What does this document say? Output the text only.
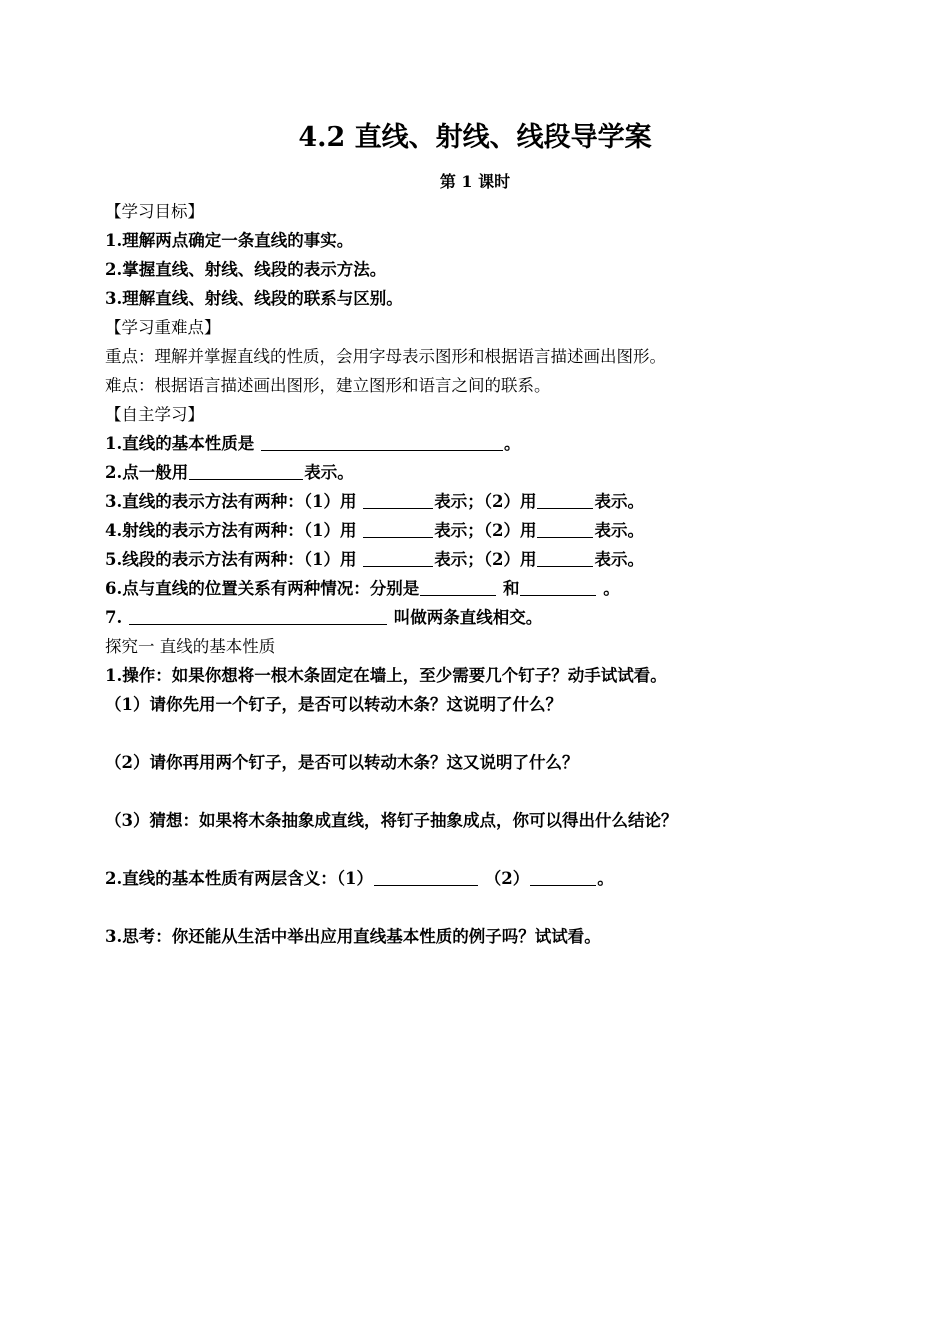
4.2 直线、射线、线段导学案
第 1 课时
【学习目标】
1.理解两点确定一条直线的事实。
2.掌握直线、射线、线段的表示方法。
3.理解直线、射线、线段的联系与区别。
【学习重难点】
重点：理解并掌握直线的性质，会用字母表示图形和根据语言描述画出图形。
难点：根据语言描述画出图形，建立图形和语言之间的联系。
【自主学习】
1.直线的基本性质是	。
2.点一般用	表示。
3.直线的表示方法有两种：（1）用	表示；（2）用	表示。
4.射线的表示方法有两种：（1）用	表示；（2）用	表示。
5.线段的表示方法有两种：（1）用	表示；（2）用	表示。
6.点与直线的位置关系有两种情况：分别是	和	。
7.	叫做两条直线相交。
探究一 直线的基本性质
1.操作：如果你想将一根木条固定在墙上，至少需要几个钉子？动手试试看。
（1）请你先用一个钉子，是否可以转动木条？这说明了什么？
（2）请你再用两个钉子，是否可以转动木条？这又说明了什么？
（3）猜想：如果将木条抽象成直线，将钉子抽象成点，你可以得出什么结论？
2.直线的基本性质有两层含义：（1）	（2）	。
3.思考：你还能从生活中举出应用直线基本性质的例子吗？试试看。
